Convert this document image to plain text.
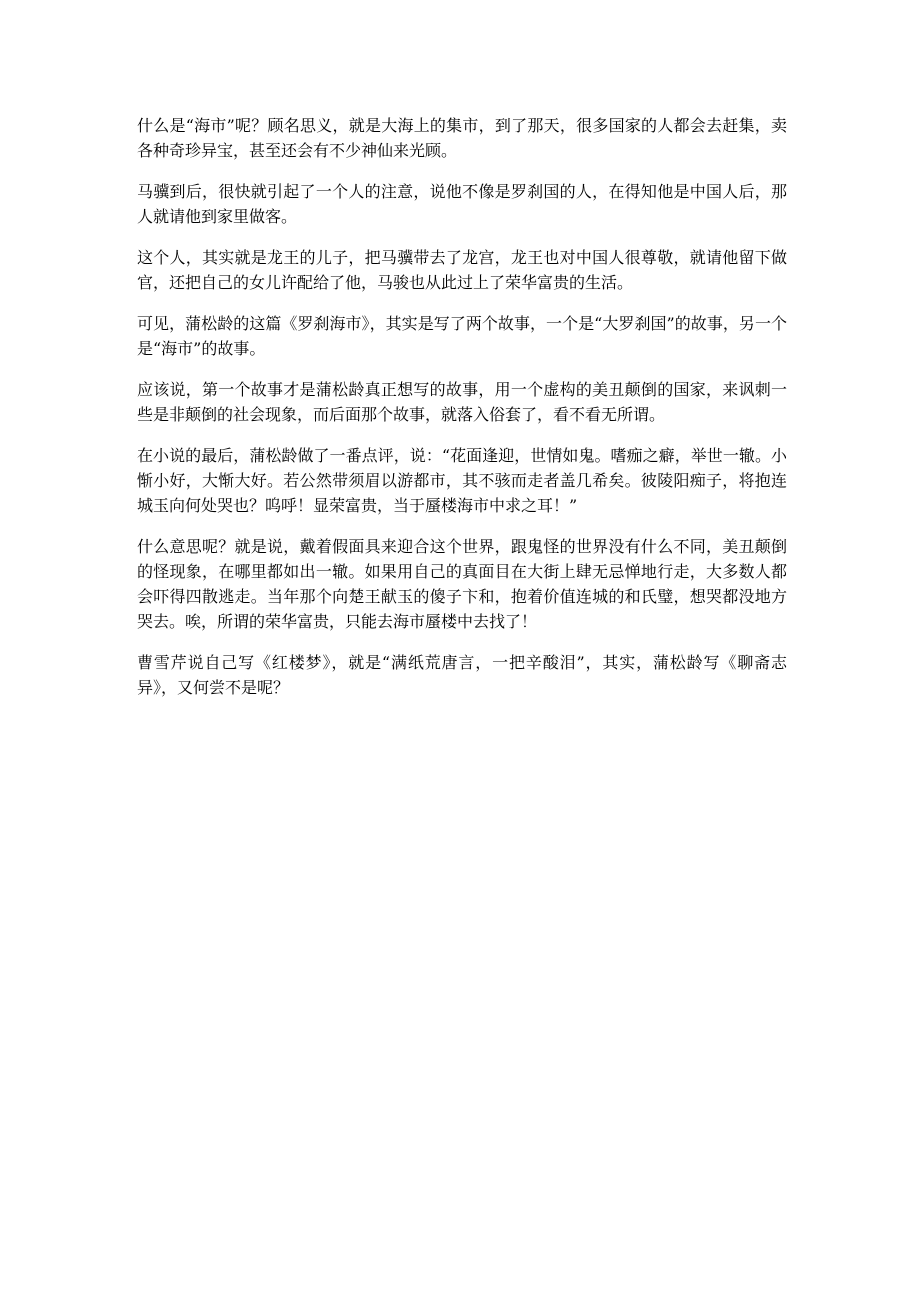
什么是“海市”呢？顾名思义，就是大海上的集市，到了那天，很多国家的人都会去赶集，卖各种奇珍异宝，甚至还会有不少神仙来光顾。

马骥到后，很快就引起了一个人的注意，说他不像是罗刹国的人，在得知他是中国人后，那人就请他到家里做客。

这个人，其实就是龙王的儿子，把马骥带去了龙宫，龙王也对中国人很尊敬，就请他留下做官，还把自己的女儿许配给了他，马骏也从此过上了荣华富贵的生活。

可见，蒲松龄的这篇《罗刹海市》，其实是写了两个故事，一个是“大罗刹国”的故事，另一个是“海市”的故事。

应该说，第一个故事才是蒲松龄真正想写的故事，用一个虚构的美丑颠倒的国家，来讽刺一些是非颠倒的社会现象，而后面那个故事，就落入俗套了，看不看无所谓。

在小说的最后，蒲松龄做了一番点评，说：“花面逢迎，世情如鬼。嗜痂之癖，举世一辙。小惭小好，大惭大好。若公然带须眉以游都市，其不骇而走者盖几希矣。彼陵阳痴子，将抱连城玉向何处哭也？呜呼！显荣富贵，当于蜃楼海市中求之耳！”

什么意思呢？就是说，戴着假面具来迎合这个世界，跟鬼怪的世界没有什么不同，美丑颠倒的怪现象，在哪里都如出一辙。如果用自己的真面目在大街上肆无忌惮地行走，大多数人都会吓得四散逃走。当年那个向楚王献玉的傻子卞和，抱着价值连城的和氏璧，想哭都没地方哭去。唉，所谓的荣华富贵，只能去海市蜃楼中去找了！

曹雪芹说自己写《红楼梦》，就是“满纸荒唐言，一把辛酸泪”，其实，蒲松龄写《聊斋志异》，又何尝不是呢？
